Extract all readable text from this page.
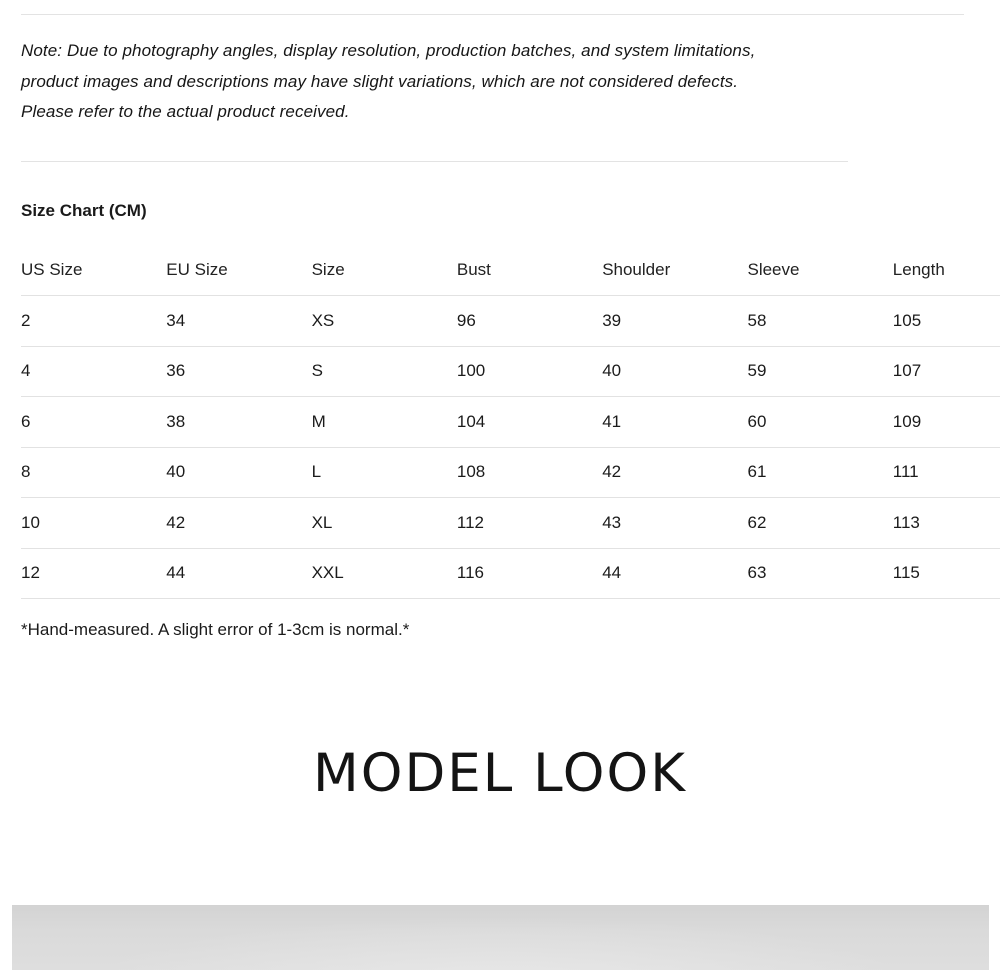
Note: Due to photography angles, display resolution, production batches, and system limitations,
product images and descriptions may have slight variations, which are not considered defects.
Please refer to the actual product received.
Size Chart (CM)
US Size	EU Size	Size	Bust	Shoulder	Sleeve	Length
2	34	XS	96	39	58	105
4	36	S	100	40	59	107
6	38	M	104	41	60	109
8	40	L	108	42	61	111
10	42	XL	112	43	62	113
12	44	XXL	116	44	63	115
*Hand-measured. A slight error of 1-3cm is normal.*
MODEL LOOK
